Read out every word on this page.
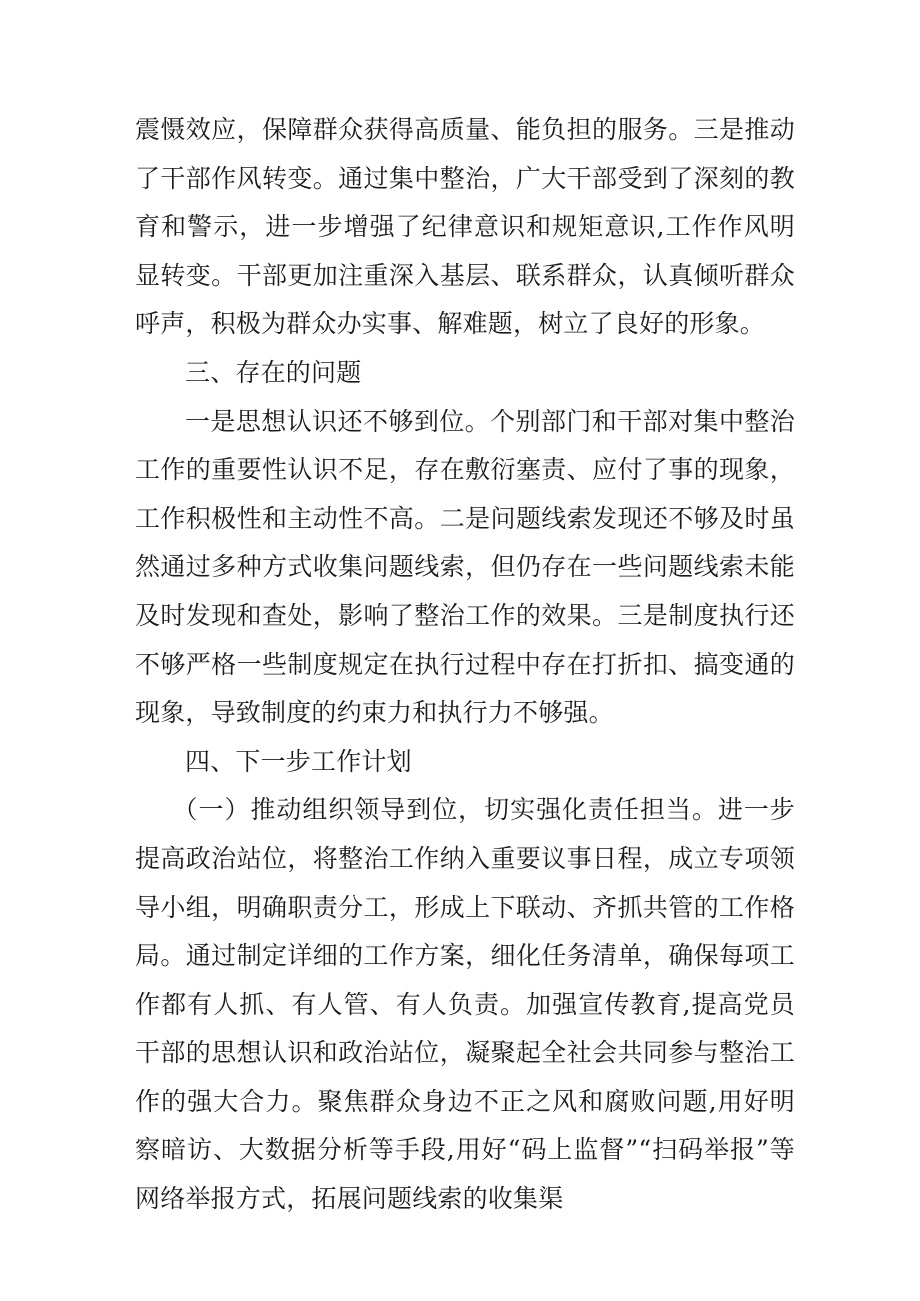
震慑效应，保障群众获得高质量、能负担的服务。三是推动了干部作风转变。通过集中整治，广大干部受到了深刻的教育和警示，进一步增强了纪律意识和规矩意识,工作作风明显转变。干部更加注重深入基层、联系群众，认真倾听群众呼声，积极为群众办实事、解难题，树立了良好的形象。

三、存在的问题

一是思想认识还不够到位。个别部门和干部对集中整治工作的重要性认识不足，存在敷衍塞责、应付了事的现象，工作积极性和主动性不高。二是问题线索发现还不够及时虽然通过多种方式收集问题线索，但仍存在一些问题线索未能及时发现和查处，影响了整治工作的效果。三是制度执行还不够严格一些制度规定在执行过程中存在打折扣、搞变通的现象，导致制度的约束力和执行力不够强。

四、下一步工作计划

（一）推动组织领导到位，切实强化责任担当。进一步提高政治站位，将整治工作纳入重要议事日程，成立专项领导小组，明确职责分工，形成上下联动、齐抓共管的工作格局。通过制定详细的工作方案，细化任务清单，确保每项工作都有人抓、有人管、有人负责。加强宣传教育,提高党员干部的思想认识和政治站位，凝聚起全社会共同参与整治工作的强大合力。聚焦群众身边不正之风和腐败问题,用好明察暗访、大数据分析等手段,用好“码上监督”“扫码举报”等网络举报方式，拓展问题线索的收集渠
